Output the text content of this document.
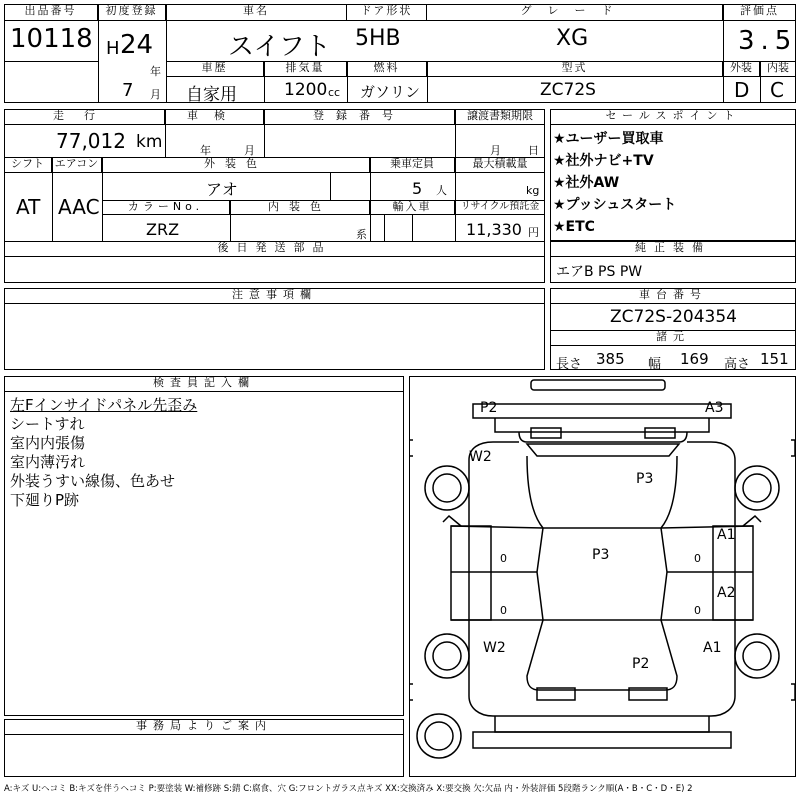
出品番号
10118
初度登録
H 24
年
7 月
車名
スイフト
ドア形状
5HB
グレード
XG
評価点
3.5
車歴
自家用
排気量
1200 cc
燃料
ガソリン
型式
ZC72S
外装	内装
D C
走行
77,012 km
車検
年	月
登録番号	譲渡書類期限
月 日
シフト
AT
エアコン
AAC
外装色
アオ
乗車定員
5 人
最大積載量
kg
カラーNo.
ZRZ
内装色
系
輸入車	リサイクル預託金
11,330 円
後日発送部品
セールスポイント
★ユーザー買取車
★社外ナビ+TV
★社外AW
★プッシュスタート
★ETC
純正装備
エアB PS PW
注意事項欄	車台番号
ZC72S-204354
諸元
長さ 385 幅 169 高さ 151
検査員記入欄
左Fインサイドパネル先歪み
シートすれ
室内内張傷
室内薄汚れ
外装うすい線傷、色あせ
下廻りP跡
事務局よりご案内
P2	A3
W2
P3
P3
A1
A2
W2	A1
P2
0	0
0	0
A:キズ U:ヘコミ B:キズを伴うヘコミ P:要塗装 W:補修跡 S:錆 C:腐食、穴 G:フロントガラス点キズ XX:交換済み X:要交換 欠:欠品 内・外装評価 5段階ランク順(A・B・C・D・E) 2
